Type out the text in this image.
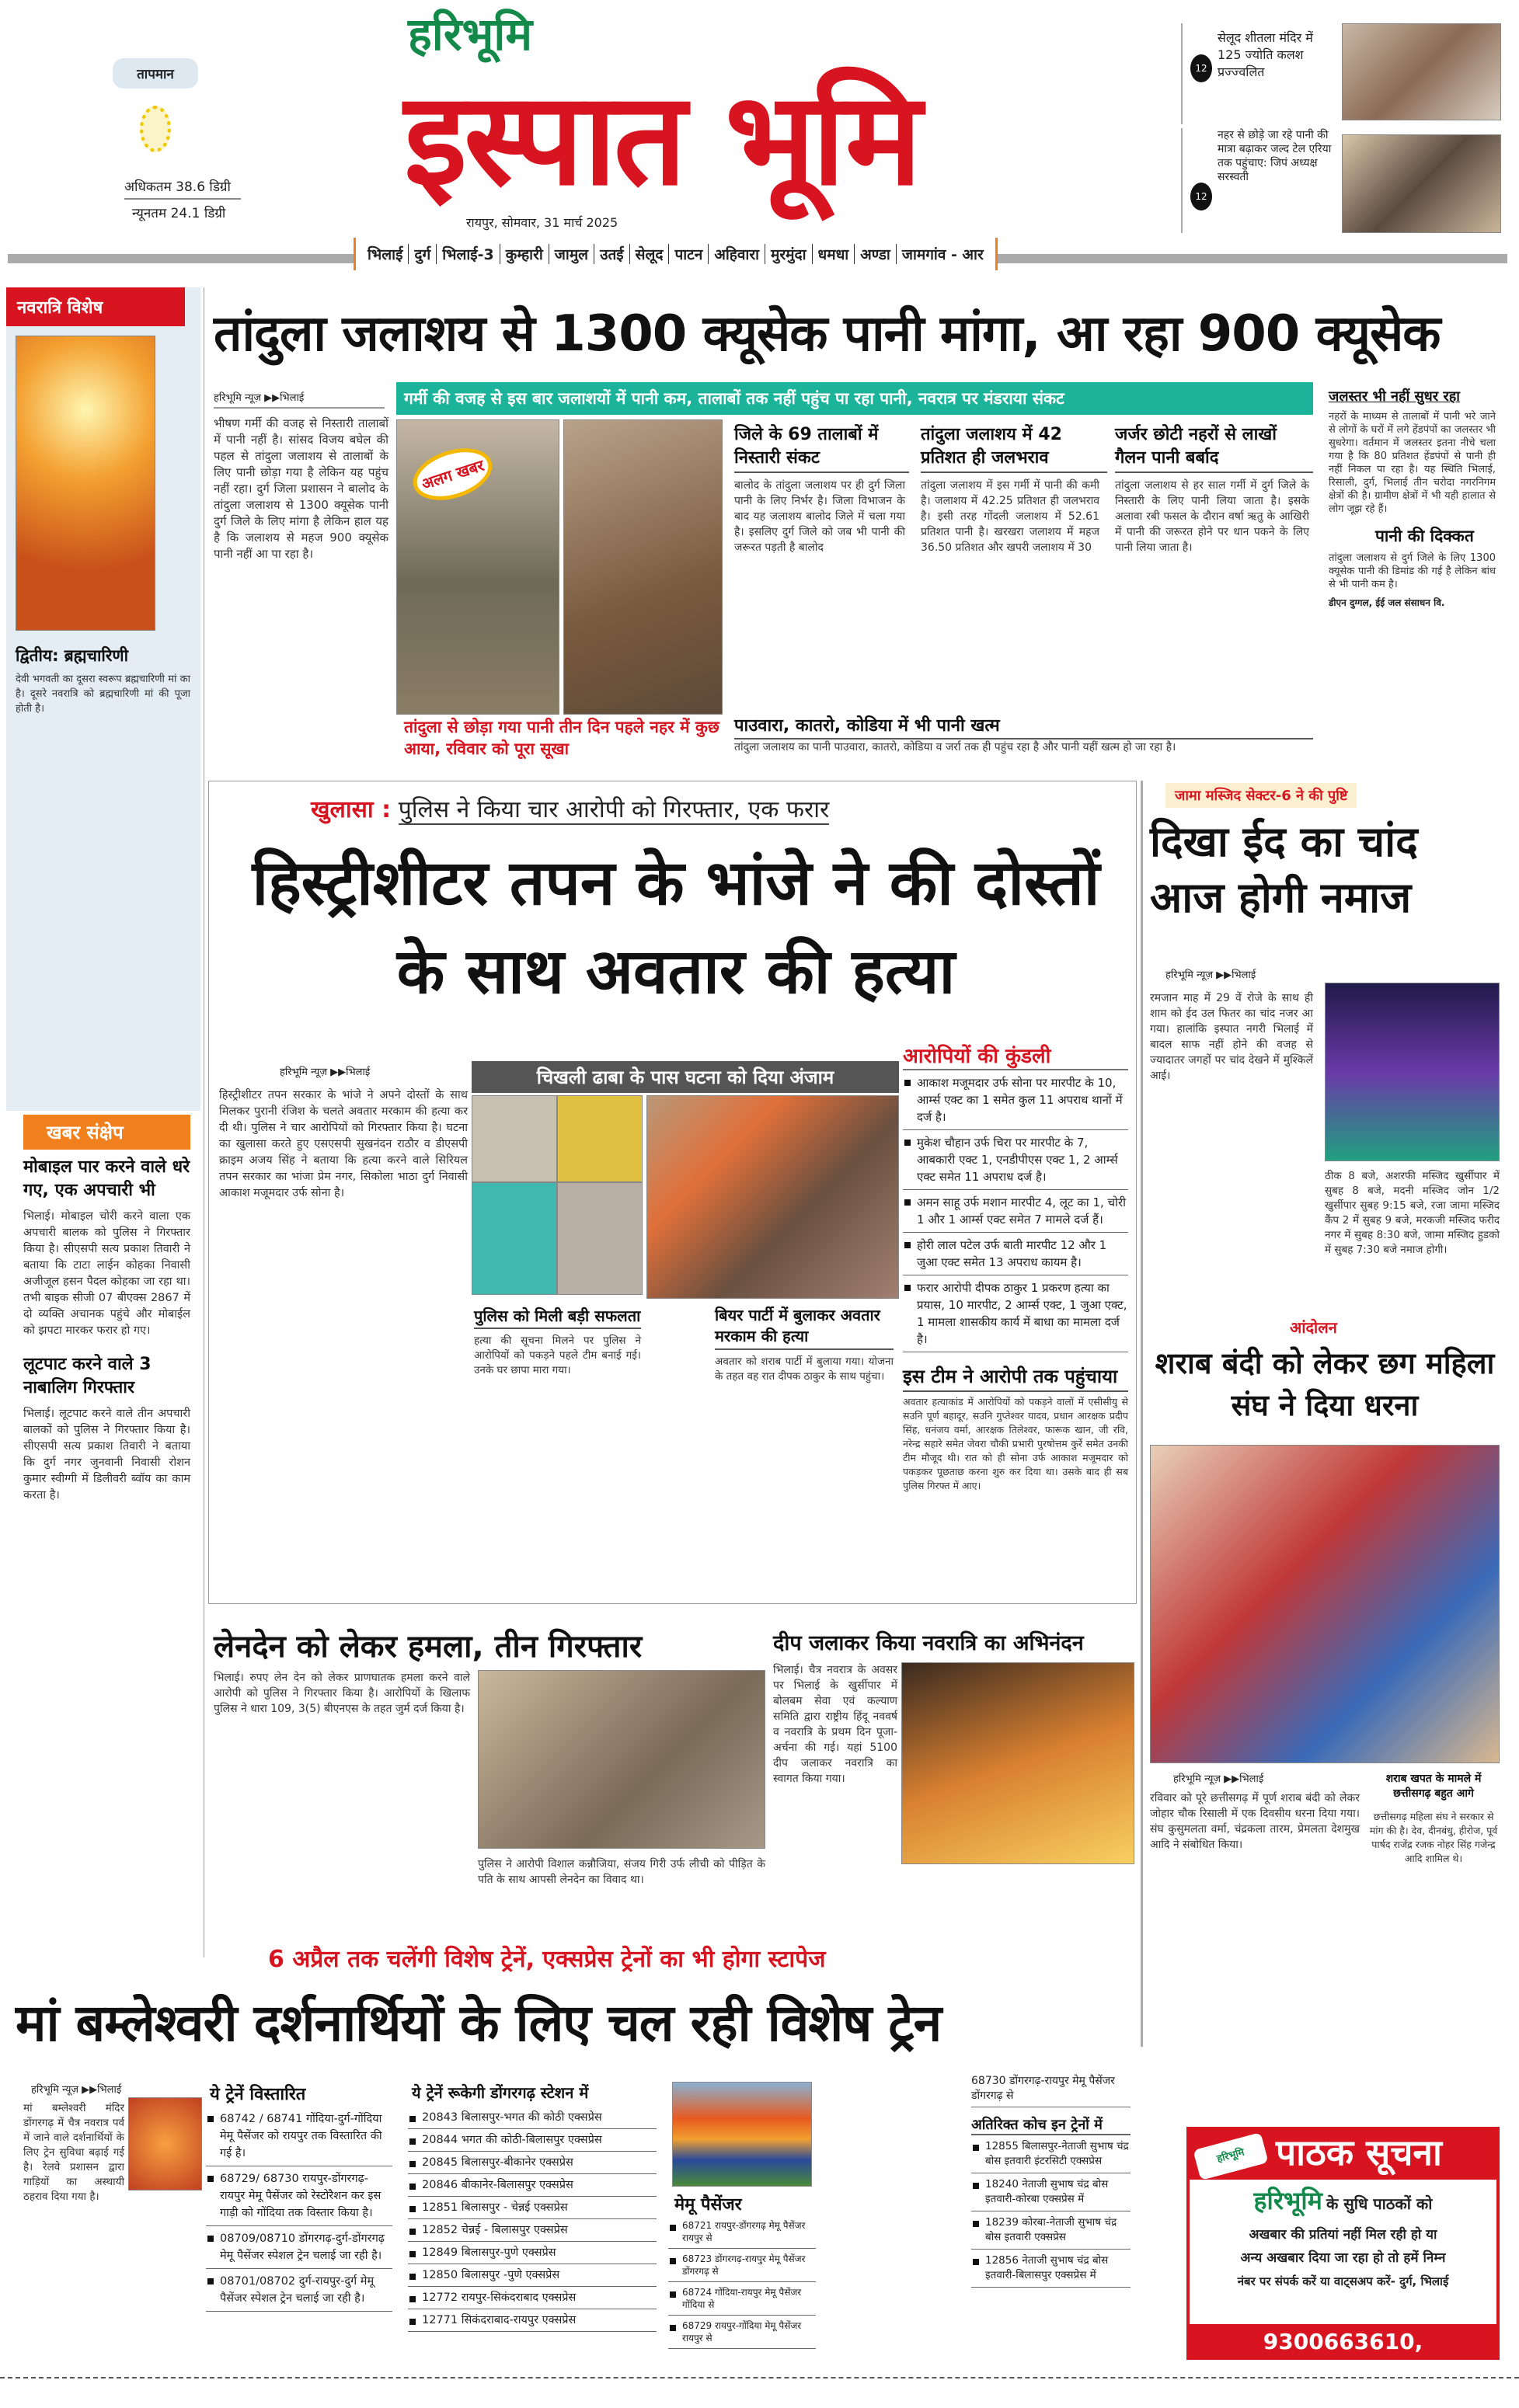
तापमान
अधिकतम 38.6 डिग्री
न्यूनतम 24.1 डिग्री
हरिभूमि
इस्पात भूमि
रायपुर, सोमवार, 31 मार्च 2025
12
सेलूद शीतला मंदिर में 125 ज्योति कलश प्रज्ज्वलित
12
नहर से छोड़े जा रहे पानी की मात्रा बढ़ाकर जल्द टेल एरिया तक पहुंचाए: जिपं अध्यक्ष सरस्वती
भिलाई दुर्ग भिलाई-3 कुम्हारी जामुल उतई सेलूद पाटन अहिवारा मुरमुंदा धमधा अण्डा जामगांव - आर
नवरात्रि विशेष
द्वितीय: ब्रह्मचारिणी
देवी भगवती का दूसरा स्वरूप ब्रह्मचारिणी मां का है। दूसरे नवरात्रि को ब्रह्मचारिणी मां की पूजा होती है।
खबर संक्षेप
मोबाइल पार करने वाले धरे गए, एक अपचारी भी
भिलाई। मोबाइल चोरी करने वाला एक अपचारी बालक को पुलिस ने गिरफ्तार किया है। सीएसपी सत्य प्रकाश तिवारी ने बताया कि टाटा लाईन कोहका निवासी अजीजूल हसन पैदल कोहका जा रहा था। तभी बाइक सीजी 07 बीएक्स 2867 में दो व्यक्ति अचानक पहुंचे और मोबाईल को झपटा मारकर फरार हो गए।
लूटपाट करने वाले 3 नाबालिग गिरफ्तार
भिलाई। लूटपाट करने वाले तीन अपचारी बालकों को पुलिस ने गिरफ्तार किया है। सीएसपी सत्य प्रकाश तिवारी ने बताया कि दुर्ग नगर जुनवानी निवासी रोशन कुमार स्वीग्गी में डिलीवरी ब्वॉय का काम करता है।
तांदुला जलाशय से 1300 क्यूसेक पानी मांगा, आ रहा 900 क्यूसेक
हरिभूमि न्यूज़ ▶▶भिलाई
भीषण गर्मी की वजह से निस्तारी तालाबों में पानी नहीं है। सांसद विजय बघेल की पहल से तांदुला जलाशय से तालाबों के लिए पानी छोड़ा गया है लेकिन यह पहुंच नहीं रहा। दुर्ग जिला प्रशासन ने बालोद के तांदुला जलाशय से 1300 क्यूसेक पानी दुर्ग जिले के लिए मांगा है लेकिन हाल यह है कि जलाशय से महज 900 क्यूसेक पानी नहीं आ पा रहा है।
गर्मी की वजह से इस बार जलाशयों में पानी कम, तालाबों तक नहीं पहुंच पा रहा पानी, नवरात्र पर मंडराया संकट
अलग खबर
तांदुला से छोड़ा गया पानी तीन दिन पहले नहर में कुछ आया, रविवार को पूरा सूखा
जिले के 69 तालाबों में निस्तारी संकट
बालोद के तांदुला जलाशय पर ही दुर्ग जिला पानी के लिए निर्भर है। जिला विभाजन के बाद यह जलाशय बालोद जिले में चला गया है। इसलिए दुर्ग जिले को जब भी पानी की जरूरत पड़ती है बालोद
तांदुला जलाशय में 42 प्रतिशत ही जलभराव
तांदुला जलाशय में इस गर्मी में पानी की कमी है। जलाशय में 42.25 प्रतिशत ही जलभराव है। इसी तरह गोंदली जलाशय में 52.61 प्रतिशत पानी है। खरखरा जलाशय में महज 36.50 प्रतिशत और खपरी जलाशय में 30
जर्जर छोटी नहरों से लाखों गैलन पानी बर्बाद
तांदुला जलाशय से हर साल गर्मी में दुर्ग जिले के निस्तारी के लिए पानी लिया जाता है। इसके अलावा रबी फसल के दौरान वर्षा ऋतु के आखिरी में पानी की जरूरत होने पर धान पकने के लिए पानी लिया जाता है।
पाउवारा, कातरो, कोडिया में भी पानी खत्म
तांदुला जलाशय का पानी पाउवारा, कातरो, कोडिया व जर्रा तक ही पहुंच रहा है और पानी यहीं खत्म हो जा रहा है।
जलस्तर भी नहीं सुधर रहा
नहरों के माध्यम से तालाबों में पानी भरे जाने से लोगों के घरों में लगे हेंडपंपों का जलस्तर भी सुधरेगा। वर्तमान में जलस्तर इतना नीचे चला गया है कि 80 प्रतिशत हेंडपंपों से पानी ही नहीं निकल पा रहा है। यह स्थिति भिलाई, रिसाली, दुर्ग, भिलाई तीन चरोदा नगरनिगम क्षेत्रों की है। ग्रामीण क्षेत्रों में भी यही हालात से लोग जूझ रहे हैं।
पानी की दिक्कत
तांदुला जलाशय से दुर्ग जिले के लिए 1300 क्यूसेक पानी की डिमांड की गई है लेकिन बांध से भी पानी कम है।
डीएन दुग्गल, ईई जल संसाधन वि.
खुलासा : पुलिस ने किया चार आरोपी को गिरफ्तार, एक फरार
हिस्ट्रीशीटर तपन के भांजे ने की दोस्तों के साथ अवतार की हत्या
हरिभूमि न्यूज़ ▶▶भिलाई
हिस्ट्रीशीटर तपन सरकार के भांजे ने अपने दोस्तों के साथ मिलकर पुरानी रंजिश के चलते अवतार मरकाम की हत्या कर दी थी। पुलिस ने चार आरोपियों को गिरफ्तार किया है। घटना का खुलासा करते हुए एसएसपी सुखनंदन राठौर व डीएसपी क्राइम अजय सिंह ने बताया कि हत्या करने वाले सिरियल तपन सरकार का भांजा प्रेम नगर, सिकोला भाठा दुर्ग निवासी आकाश मजूमदार उर्फ सोना है।
चिखली ढाबा के पास घटना को दिया अंजाम
पुलिस को मिली बड़ी सफलता
हत्या की सूचना मिलने पर पुलिस ने आरोपियों को पकड़ने पहले टीम बनाई गई। उनके घर छापा मारा गया।
बियर पार्टी में बुलाकर अवतार मरकाम की हत्या
अवतार को शराब पार्टी में बुलाया गया। योजना के तहत वह रात दीपक ठाकुर के साथ पहुंचा।
आरोपियों की कुंडली
आकाश मजूमदार उर्फ सोना पर मारपीट के 10, आर्म्स एक्ट का 1 समेत कुल 11 अपराध थानों में दर्ज है।
मुकेश चौहान उर्फ चिरा पर मारपीट के 7, आबकारी एक्ट 1, एनडीपीएस एक्ट 1, 2 आर्म्स एक्ट समेत 11 अपराध दर्ज है।
अमन साहू उर्फ मशान मारपीट 4, लूट का 1, चोरी 1 और 1 आर्म्स एक्ट समेत 7 मामले दर्ज हैं।
होरी लाल पटेल उर्फ बाती मारपीट 12 और 1 जुआ एक्ट समेत 13 अपराध कायम है।
फरार आरोपी दीपक ठाकुर 1 प्रकरण हत्या का प्रयास, 10 मारपीट, 2 आर्म्स एक्ट, 1 जुआ एक्ट, 1 मामला शासकीय कार्य में बाधा का मामला दर्ज है।
इस टीम ने आरोपी तक पहुंचाया
अवतार हत्याकांड में आरोपियों को पकड़ने वालों में एसीसीयु से सउनि पूर्ण बहादूर, सउनि गुप्तेश्वर यादव, प्रधान आरक्षक प्रदीप सिंह, धनंजय वर्मा, आरक्षक तिलेश्वर, फारूक खान, जी रवि, नरेन्द्र सहारे समेत जेवरा चौकी प्रभारी पुरषोत्तम कुर्रे समेत उनकी टीम मौजूद थी। रात को ही सोना उर्फ आकाश मजूमदार को पकड़कर पूछताछ करना शुरु कर दिया था। उसके बाद ही सब पुलिस गिरफ्त में आए।
जामा मस्जिद सेक्टर-6 ने की पुष्टि
दिखा ईद का चांद आज होगी नमाज
हरिभूमि न्यूज़ ▶▶भिलाई
रमजान माह में 29 वें रोजे के साथ ही शाम को ईद उल फितर का चांद नजर आ गया। हालांकि इस्पात नगरी भिलाई में बादल साफ नहीं होने की वजह से ज्यादातर जगहों पर चांद देखने में मुश्किलें आई।
ठीक 8 बजे, अशरफी मस्जिद खुर्सीपार में सुबह 8 बजे, मदनी मस्जिद जोन 1/2 खुर्सीपार सुबह 9:15 बजे, रजा जामा मस्जिद कैंप 2 में सुबह 9 बजे, मरकजी मस्जिद फरीद नगर में सुबह 8:30 बजे, जामा मस्जिद हुडको में सुबह 7:30 बजे नमाज होगी।
आंदोलन
शराब बंदी को लेकर छग महिला संघ ने दिया धरना
हरिभूमि न्यूज़ ▶▶भिलाई
रविवार को पूरे छत्तीसगढ़ में पूर्ण शराब बंदी को लेकर जोहार चौक रिसाली में एक दिवसीय धरना दिया गया। संघ कुसुमलता वर्मा, चंद्रकला तारम, प्रेमलता देशमुख आदि ने संबोधित किया।
शराब खपत के मामले में छत्तीसगढ़ बहुत आगे
छत्तीसगढ़ महिला संघ ने सरकार से मांग की है। देव, दीनबंधु, हीरोज, पूर्व पार्षद राजेंद्र रजक नोहर सिंह गजेन्द्र आदि शामिल थे।
लेनदेन को लेकर हमला, तीन गिरफ्तार
भिलाई। रुपए लेन देन को लेकर प्राणघातक हमला करने वाले आरोपी को पुलिस ने गिरफ्तार किया है। आरोपियों के खिलाफ पुलिस ने धारा 109, 3(5) बीएनएस के तहत जुर्म दर्ज किया है।
पुलिस ने आरोपी विशाल कन्नौजिया, संजय गिरी उर्फ लीची को पीड़ित के पति के साथ आपसी लेनदेन का विवाद था।
दीप जलाकर किया नवरात्रि का अभिनंदन
भिलाई। चैत्र नवरात्र के अवसर पर भिलाई के खुर्सीपार में बोलबम सेवा एवं कल्याण समिति द्वारा राष्ट्रीय हिंदू नववर्ष व नवरात्रि के प्रथम दिन पूजा-अर्चना की गई। यहां 5100 दीप जलाकर नवरात्रि का स्वागत किया गया।
6 अप्रैल तक चलेंगी विशेष ट्रेनें, एक्सप्रेस ट्रेनों का भी होगा स्टापेज
मां बम्लेश्वरी दर्शनार्थियों के लिए चल रही विशेष ट्रेन
हरिभूमि न्यूज़ ▶▶भिलाई
मां बम्लेश्वरी मंदिर डोंगरगढ़ में चैत्र नवरात्र पर्व में जाने वाले दर्शनार्थियों के लिए ट्रेन सुविधा बढ़ाई गई है। रेलवे प्रशासन द्वारा गाड़ियों का अस्थायी ठहराव दिया गया है।
ये ट्रेनें विस्तारित
68742 / 68741 गोंदिया-दुर्ग-गोंदिया मेमू पैसेंजर को रायपुर तक विस्तारित की गई है।
68729/ 68730 रायपुर-डोंगरगढ़-रायपुर मेमू पैसेंजर को रेस्टोरैशन कर इस गाड़ी को गोंदिया तक विस्तार किया है।
08709/08710 डोंगरगढ़-दुर्ग-डोंगरगढ़ मेमू पैसेंजर स्पेशल ट्रेन चलाई जा रही है।
08701/08702 दुर्ग-रायपुर-दुर्ग मेमू पैसेंजर स्पेशल ट्रेन चलाई जा रही है।
ये ट्रेनें रूकेगी डोंगरगढ़ स्टेशन में
20843 बिलासपुर-भगत की कोठी एक्सप्रेस
20844 भगत की कोठी-बिलासपुर एक्सप्रेस
20845 बिलासपुर-बीकानेर एक्सप्रेस
20846 बीकानेर-बिलासपुर एक्सप्रेस
12851 बिलासपुर - चेन्नई एक्सप्रेस
12852 चेन्नई - बिलासपुर एक्सप्रेस
12849 बिलासपुर-पुणे एक्सप्रेस
12850 बिलासपुर -पुणे एक्सप्रेस
12772 रायपुर-सिकंदराबाद एक्सप्रेस
12771 सिकंदराबाद-रायपुर एक्सप्रेस
मेमू पैसेंजर
68721 रायपुर-डोंगरगढ़ मेमू पैसेंजर रायपुर से
68723 डोंगरगढ़-रायपुर मेमू पैसेंजर डोंगरगढ़ से
68724 गोंदिया-रायपुर मेमू पैसेंजर गोंदिया से
68729 रायपुर-गोंदिया मेमू पैसेंजर रायपुर से
68730 डोंगरगढ़-रायपुर मेमू पैसेंजर डोंगरगढ़ से
अतिरिक्त कोच इन ट्रेनों में
12855 बिलासपुर-नेताजी सुभाष चंद्र बोस इतवारी इंटरसिटी एक्सप्रेस
18240 नेताजी सुभाष चंद्र बोस इतवारी-कोरबा एक्सप्रेस में
18239 कोरबा-नेताजी सुभाष चंद्र बोस इतवारी एक्सप्रेस
12856 नेताजी सुभाष चंद्र बोस इतवारी-बिलासपुर एक्सप्रेस में
हरिभूमि पाठक सूचना
हरिभूमि के सुधि पाठकों को
अखबार की प्रतियां नहीं मिल रही हो या
अन्य अखबार दिया जा रहा हो तो हमें निम्न
नंबर पर संपर्क करें या वाट्सअप करें- दुर्ग, भिलाई
9300663610, 7489348301
